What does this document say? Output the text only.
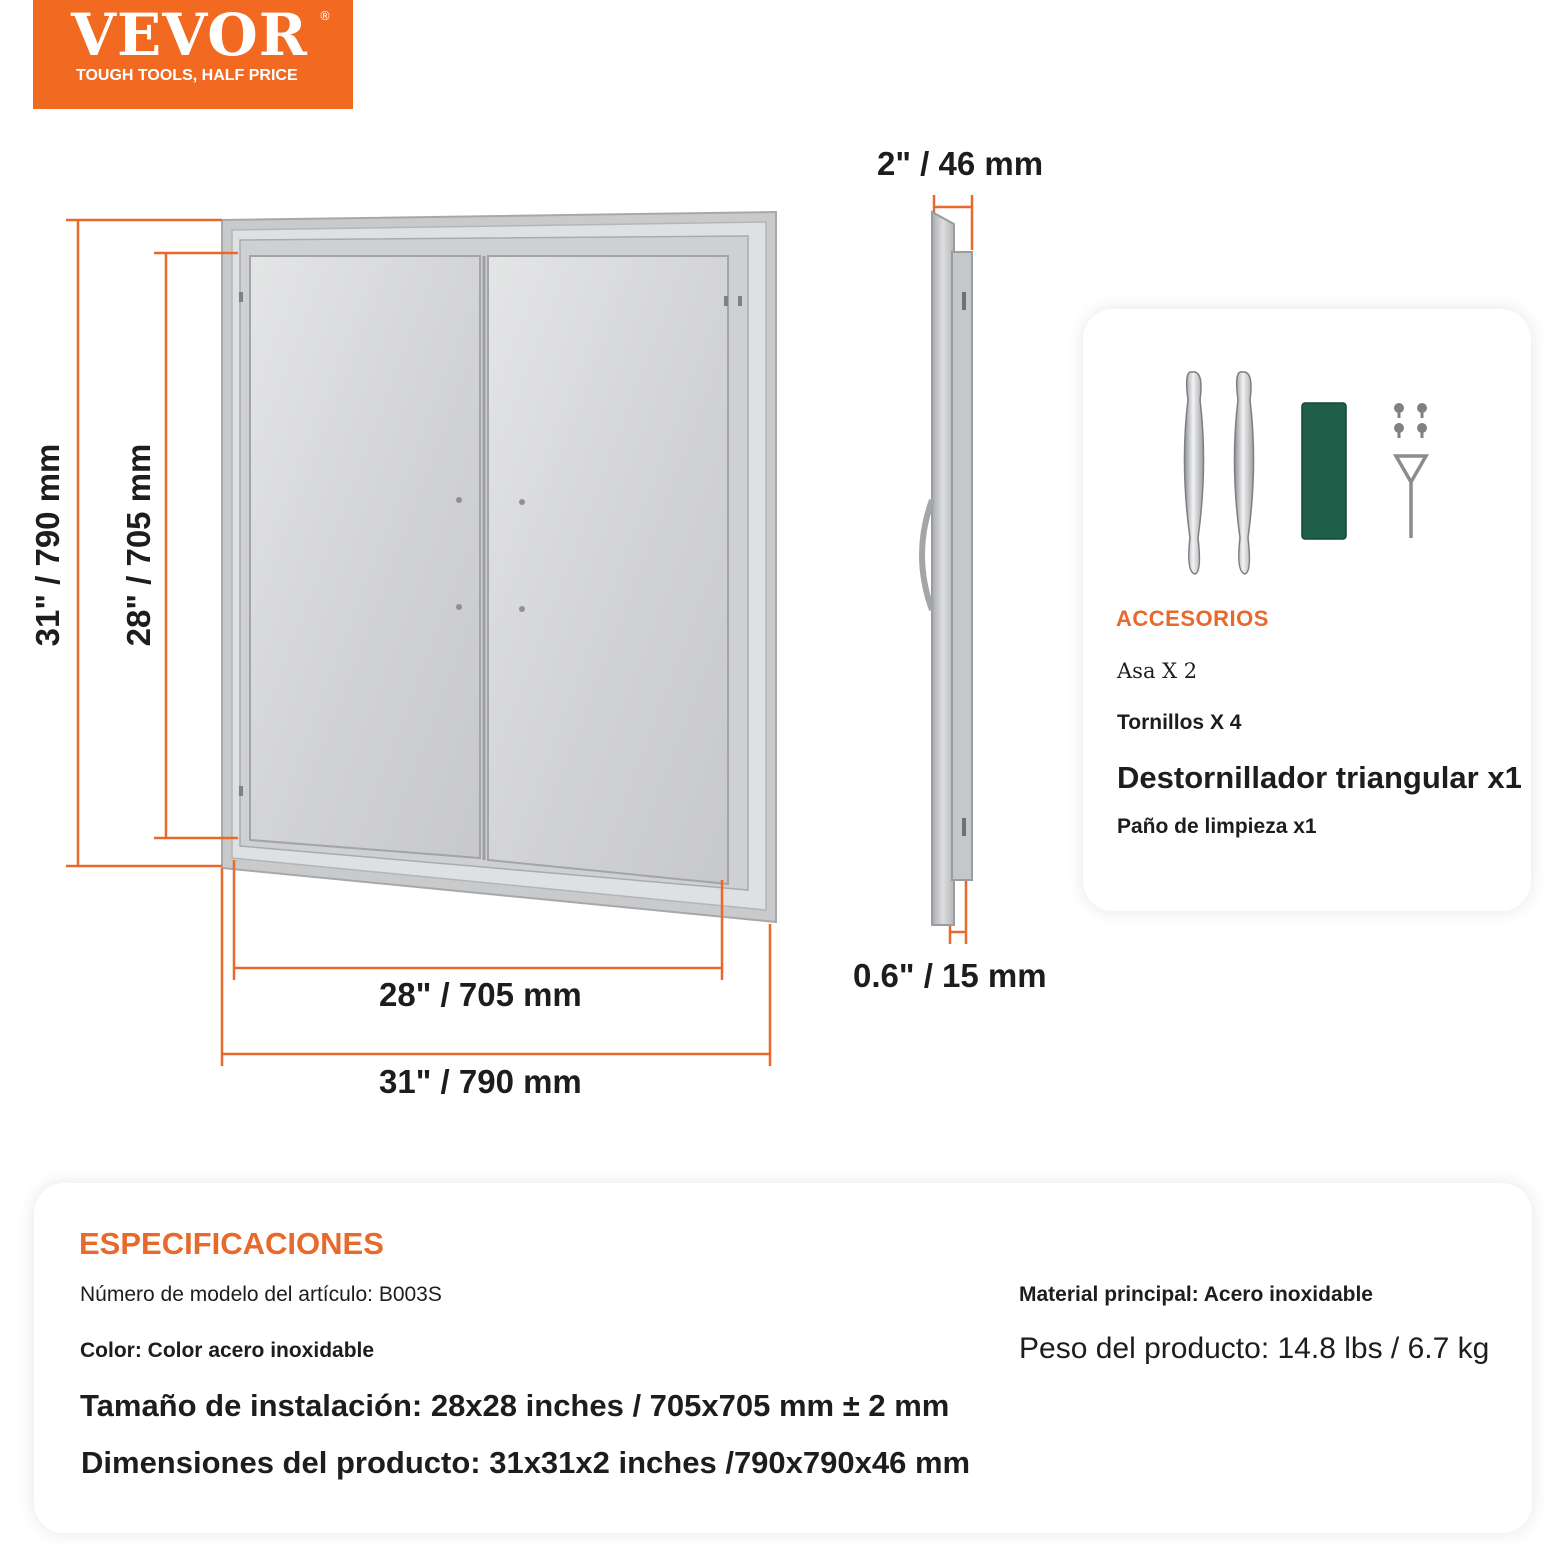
VEVOR ®
TOUGH TOOLS, HALF PRICE
31" / 790 mm 28" / 705 mm
28" / 705 mm
31" / 790 mm
2" / 46 mm
0.6" / 15 mm
ACCESORIOS
Asa X 2
Tornillos X 4
Destornillador triangular x1
Paño de limpieza x1
ESPECIFICACIONES
Número de modelo del artículo: B003S
Color: Color acero inoxidable
Tamaño de instalación: 28x28 inches / 705x705 mm ± 2 mm
Dimensiones del producto: 31x31x2 inches /790x790x46 mm
Material principal: Acero inoxidable
Peso del producto: 14.8 lbs / 6.7 kg
